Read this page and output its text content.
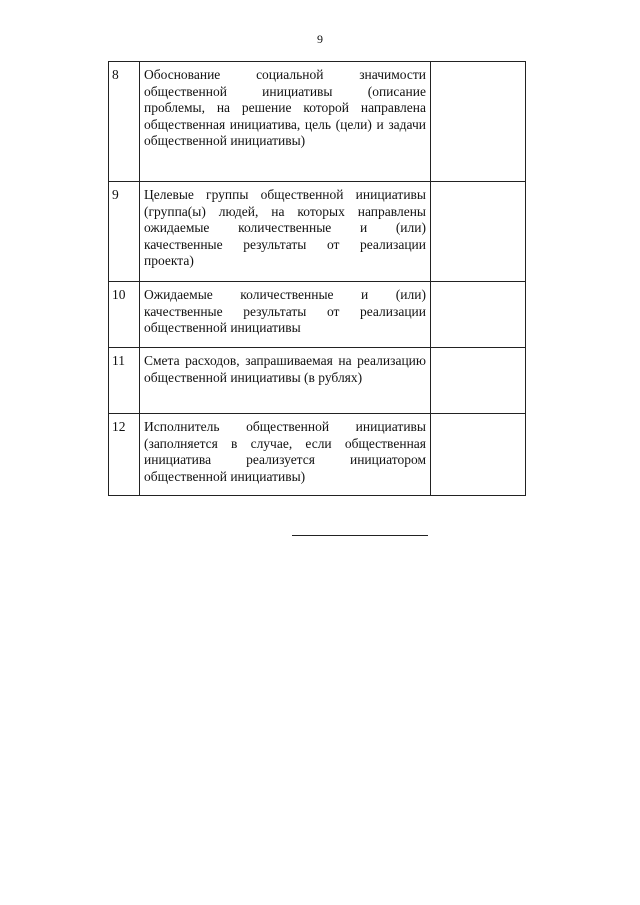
9
8	Обоснование социальной значимости общественной инициативы (описание проблемы, на решение которой направлена общественная инициатива, цель (цели) и задачи общественной инициативы)	
9	Целевые группы общественной инициативы (группа(ы) людей, на которых направлены ожидаемые количественные и (или) качественные результаты от реализации проекта)	
10	Ожидаемые количественные и (или) качественные результаты от реализации общественной инициативы	
11	Смета расходов, запрашиваемая на реализацию общественной инициативы (в рублях)	
12	Исполнитель общественной инициативы (заполняется в случае, если общественная инициатива реализуется инициатором общественной инициативы)	
